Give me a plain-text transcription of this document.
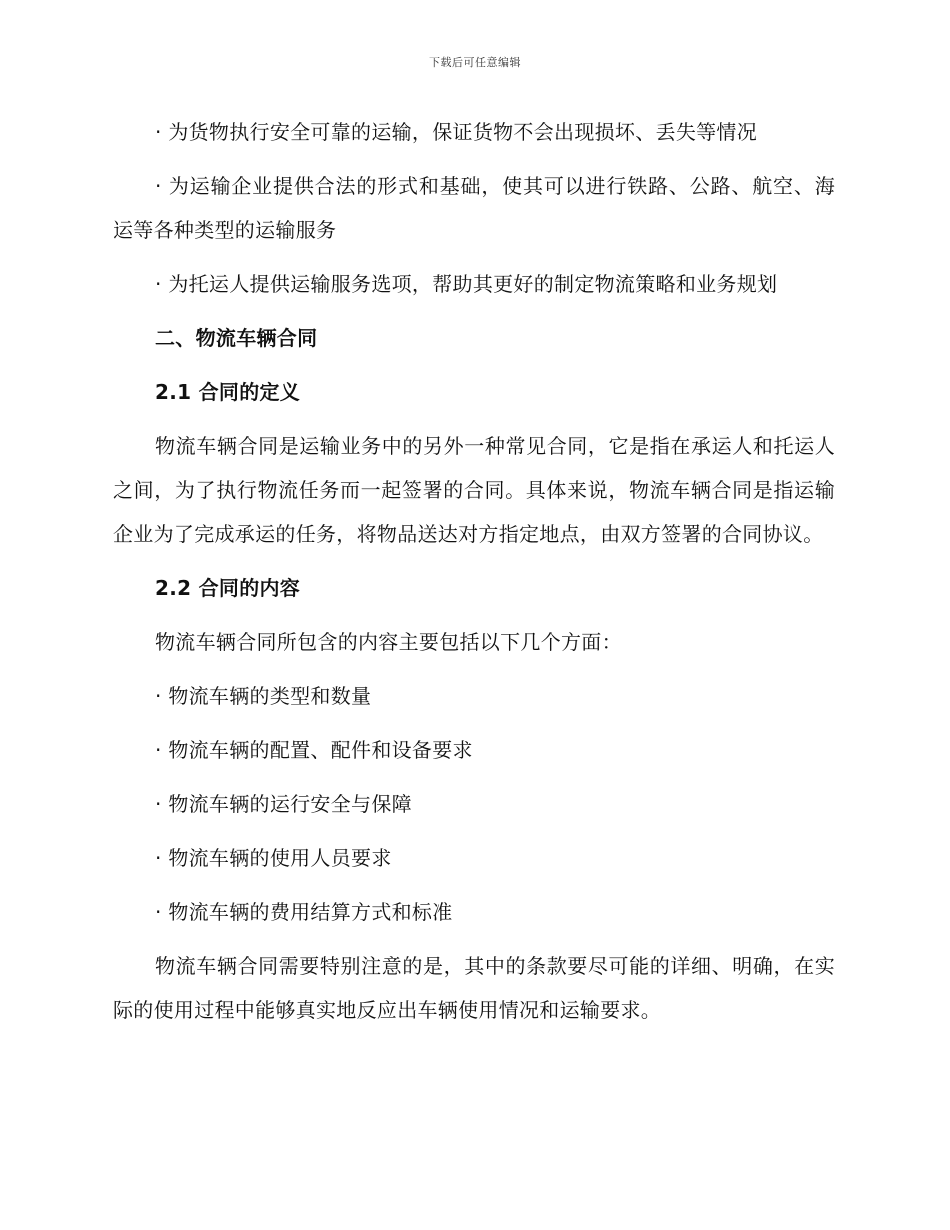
下载后可任意编辑

· 为货物执行安全可靠的运输，保证货物不会出现损坏、丢失等情况

· 为运输企业提供合法的形式和基础，使其可以进行铁路、公路、航空、海运等各种类型的运输服务

· 为托运人提供运输服务选项，帮助其更好的制定物流策略和业务规划

二、物流车辆合同

2.1 合同的定义

物流车辆合同是运输业务中的另外一种常见合同，它是指在承运人和托运人之间，为了执行物流任务而一起签署的合同。具体来说，物流车辆合同是指运输企业为了完成承运的任务，将物品送达对方指定地点，由双方签署的合同协议。

2.2 合同的内容

物流车辆合同所包含的内容主要包括以下几个方面：

· 物流车辆的类型和数量

· 物流车辆的配置、配件和设备要求

· 物流车辆的运行安全与保障

· 物流车辆的使用人员要求

· 物流车辆的费用结算方式和标准

物流车辆合同需要特别注意的是，其中的条款要尽可能的详细、明确，在实际的使用过程中能够真实地反应出车辆使用情况和运输要求。
